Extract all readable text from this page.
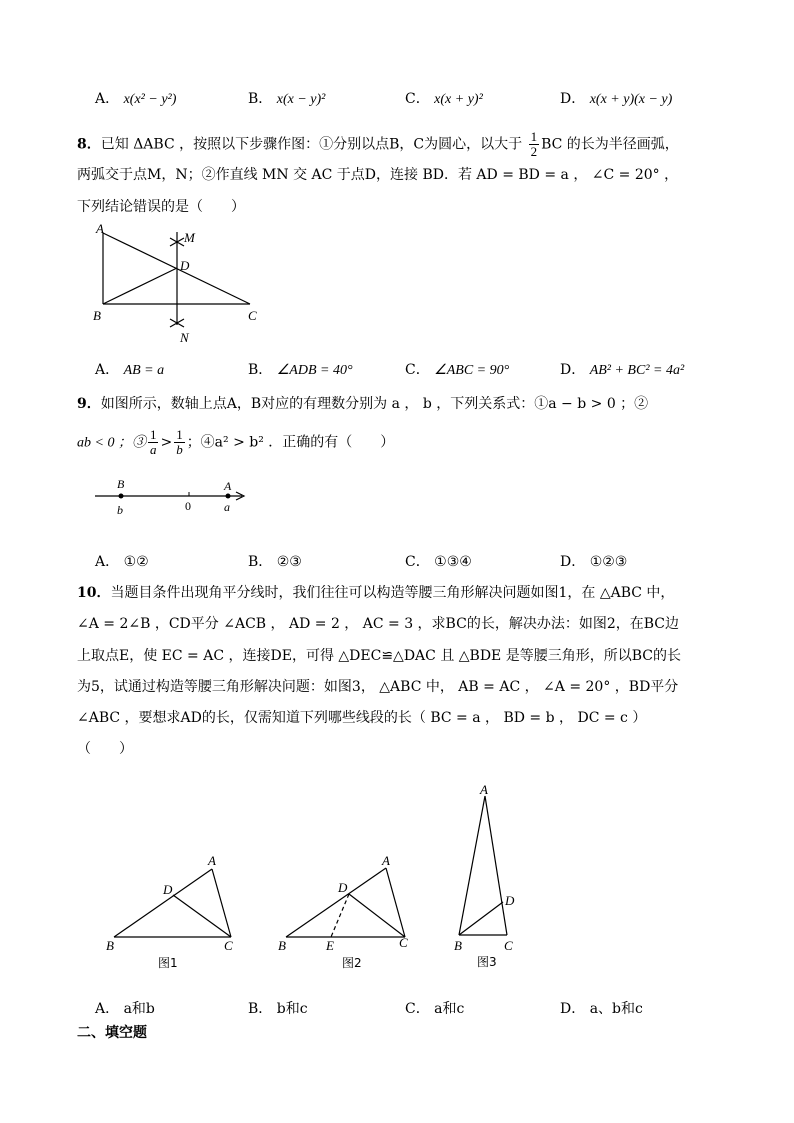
A． x(x² − y²)	B． x(x − y)²	C． x(x + y)²	D． x(x + y)(x − y)
8．已知 ΔABC ，按照以下步骤作图：①分别以点B，C为圆心，以大于 $\frac{1}{2}$ BC 的长为半径画弧，
两弧交于点M，N；②作直线 MN 交 AC 于点D，连接 BD．若 AD = BD = a ， ∠C = 20° ，
下列结论错误的是（　　）
A
B	C
D
M
N
A． AB = a	B． ∠ADB = 40°	C． ∠ABC = 90°	D． AB² + BC² = 4a²
9．如图所示，数轴上点A，B对应的有理数分别为 a ， b ，下列关系式：①a − b > 0 ；②
ab < 0 ；③ $\frac{1}{a} > \frac{1}{b}$ ；④a² > b² ．正确的有（　　）
B
b	0
A
a
A． ①②	B． ②③	C． ①③④	D． ①②③
10．当题目条件出现角平分线时，我们往往可以构造等腰三角形解决问题如图1，在 △ABC 中，
∠A = 2∠B ，CD平分 ∠ACB ， AD = 2 ， AC = 3 ，求BC的长，解决办法：如图2，在BC边
上取点E，使 EC = AC ，连接DE，可得 △DEC≌△DAC 且 △BDE 是等腰三角形，所以BC的长
为5，试通过构造等腰三角形解决问题：如图3， △ABC 中， AB = AC ， ∠A = 20° ，BD平分
∠ABC ，要想求AD的长，仅需知道下列哪些线段的长（ BC = a ， BD = b ， DC = c ）
（　　）
A
B	C
D
图1
A
B	C
D
E
图2
A
B	C
D
图3
A． a和b	B． b和c	C． a和c	D． a、b和c
二、填空题
